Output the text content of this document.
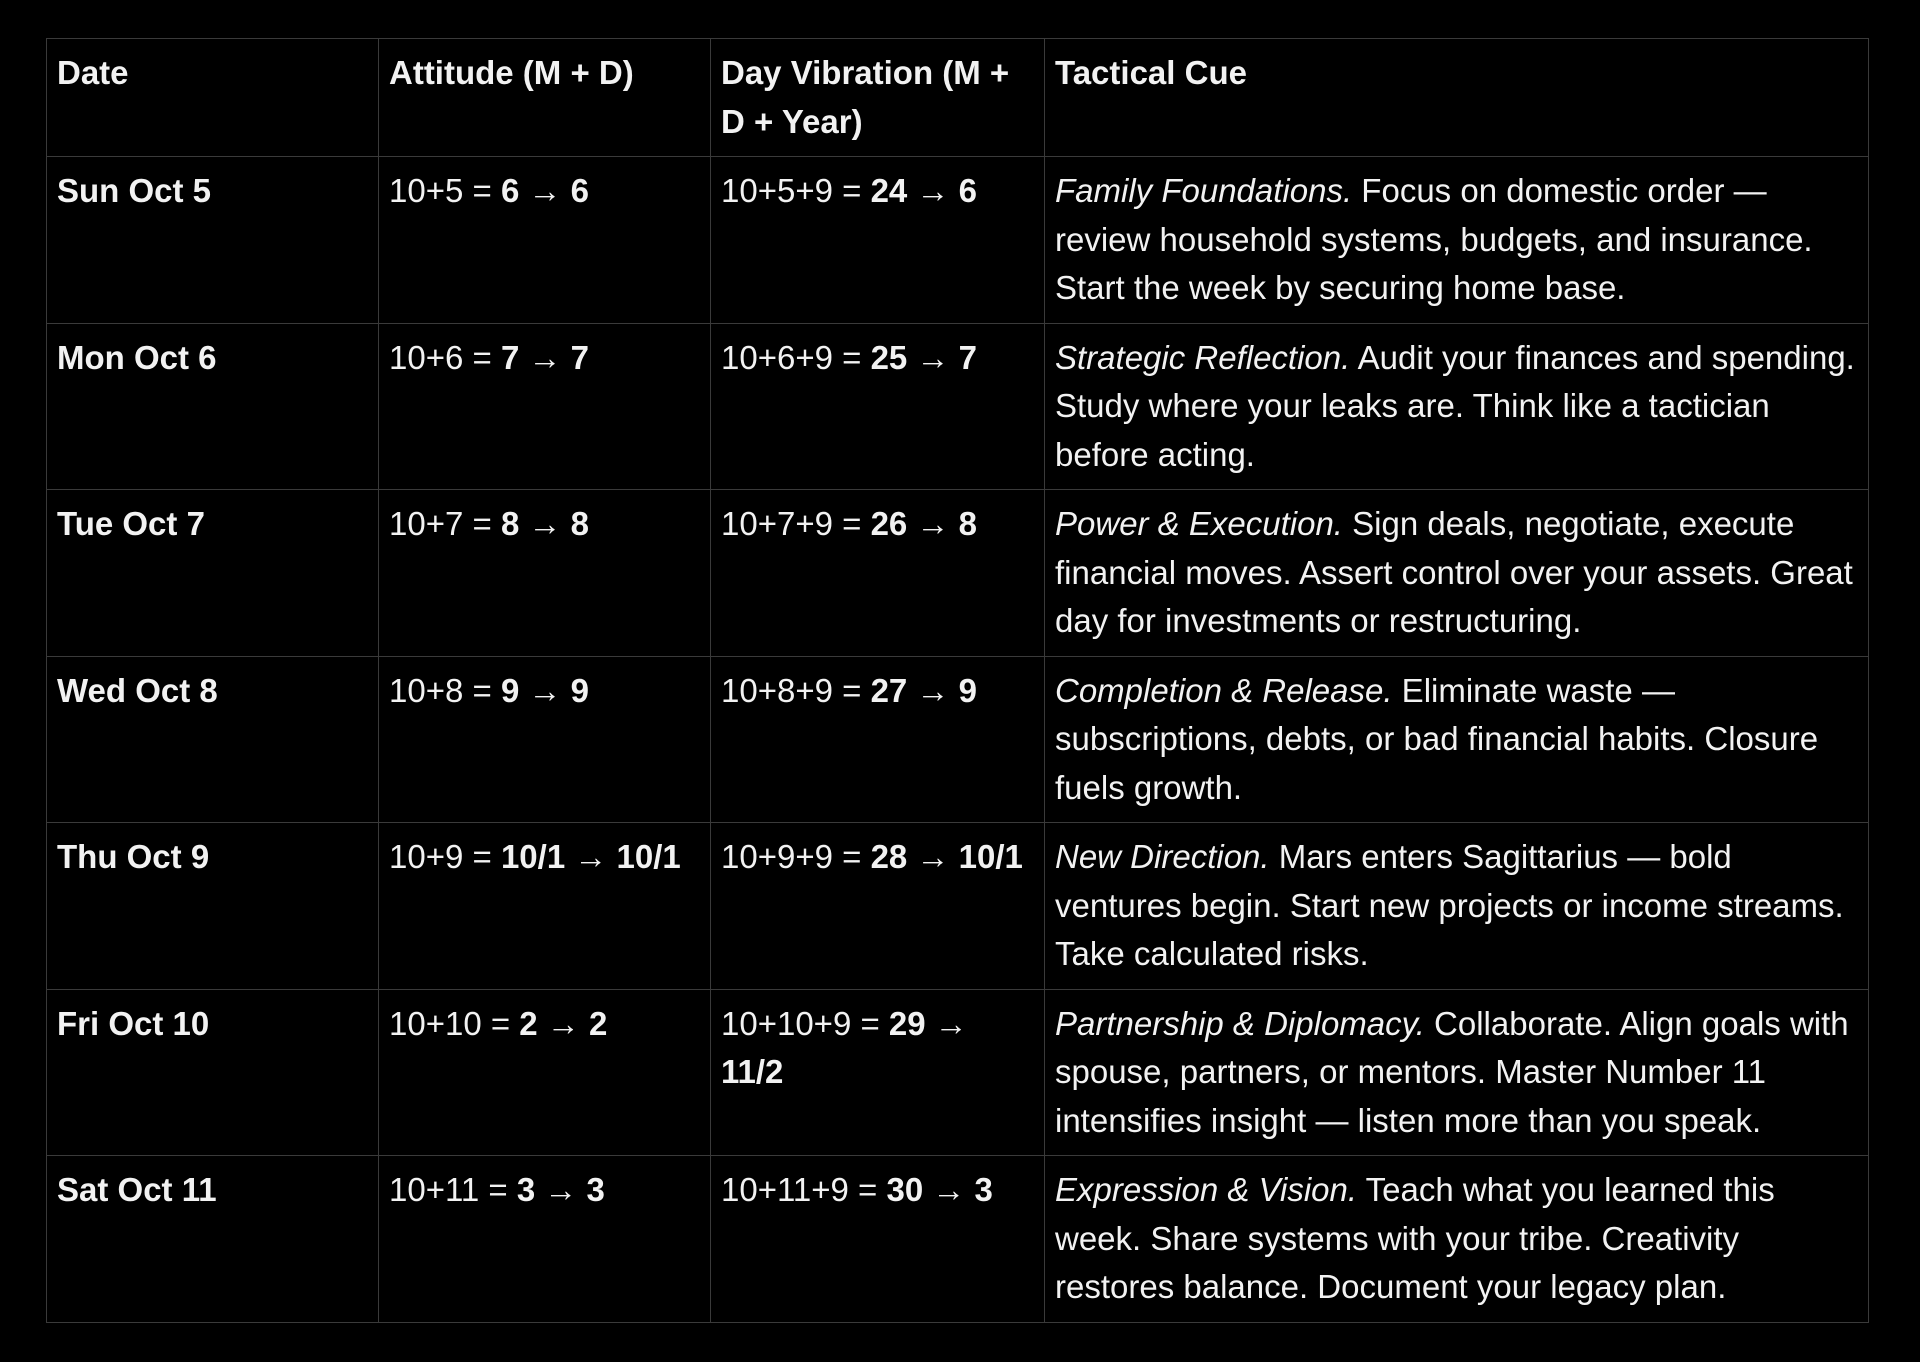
Date	Attitude (M + D)	Day Vibration (M + D + Year)	Tactical Cue
Sun Oct 5	10+5 = 6 → 6	10+5+9 = 24 → 6	Family Foundations. Focus on domestic order — review household systems, budgets, and insurance. Start the week by securing home base.
Mon Oct 6	10+6 = 7 → 7	10+6+9 = 25 → 7	Strategic Reflection. Audit your finances and spending. Study where your leaks are. Think like a tactician before acting.
Tue Oct 7	10+7 = 8 → 8	10+7+9 = 26 → 8	Power & Execution. Sign deals, negotiate, execute financial moves. Assert control over your assets. Great day for investments or restructuring.
Wed Oct 8	10+8 = 9 → 9	10+8+9 = 27 → 9	Completion & Release. Eliminate waste — subscriptions, debts, or bad financial habits. Closure fuels growth.
Thu Oct 9	10+9 = 10/1 → 10/1	10+9+9 = 28 → 10/1	New Direction. Mars enters Sagittarius — bold ventures begin. Start new projects or income streams. Take calculated risks.
Fri Oct 10	10+10 = 2 → 2	10+10+9 = 29 → 11/2	Partnership & Diplomacy. Collaborate. Align goals with spouse, partners, or mentors. Master Number 11 intensifies insight — listen more than you speak.
Sat Oct 11	10+11 = 3 → 3	10+11+9 = 30 → 3	Expression & Vision. Teach what you learned this week. Share systems with your tribe. Creativity restores balance. Document your legacy plan.
